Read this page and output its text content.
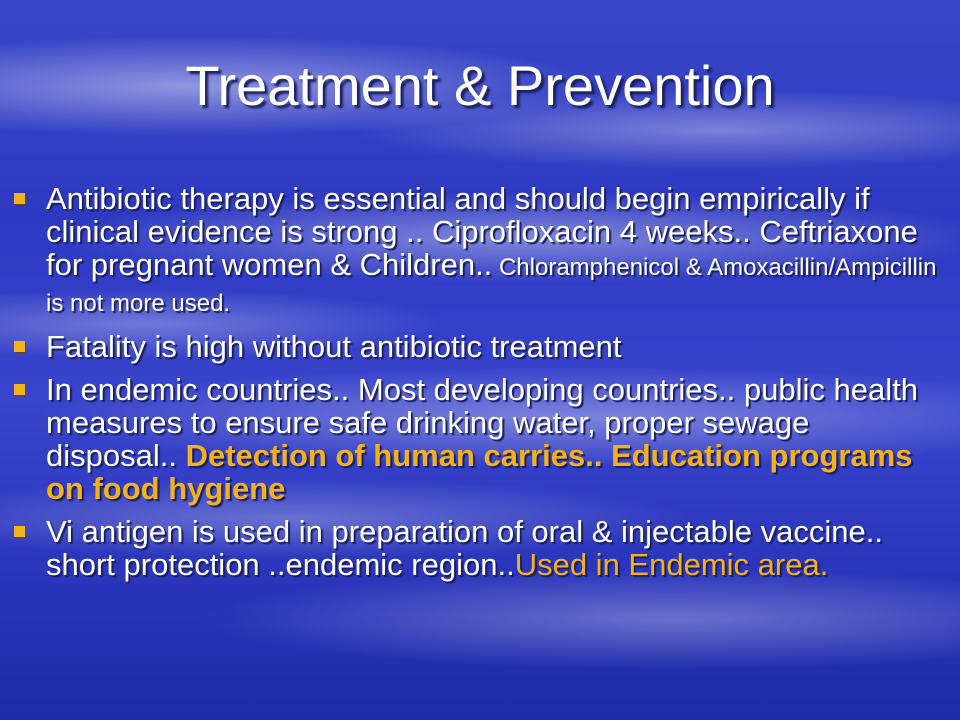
Treatment & Prevention
Antibiotic therapy is essential and should begin empirically if clinical evidence is strong .. Ciprofloxacin 4 weeks.. Ceftriaxone for pregnant women & Children.. Chloramphenicol & Amoxacillin/Ampicillin is not more used.
Fatality is high without antibiotic treatment
In endemic countries.. Most developing countries.. public health measures to ensure safe drinking water, proper sewage disposal.. Detection of human carries.. Education programs on food hygiene
Vi antigen is used in preparation of oral & injectable vaccine.. short protection ..endemic region..Used in Endemic area.
